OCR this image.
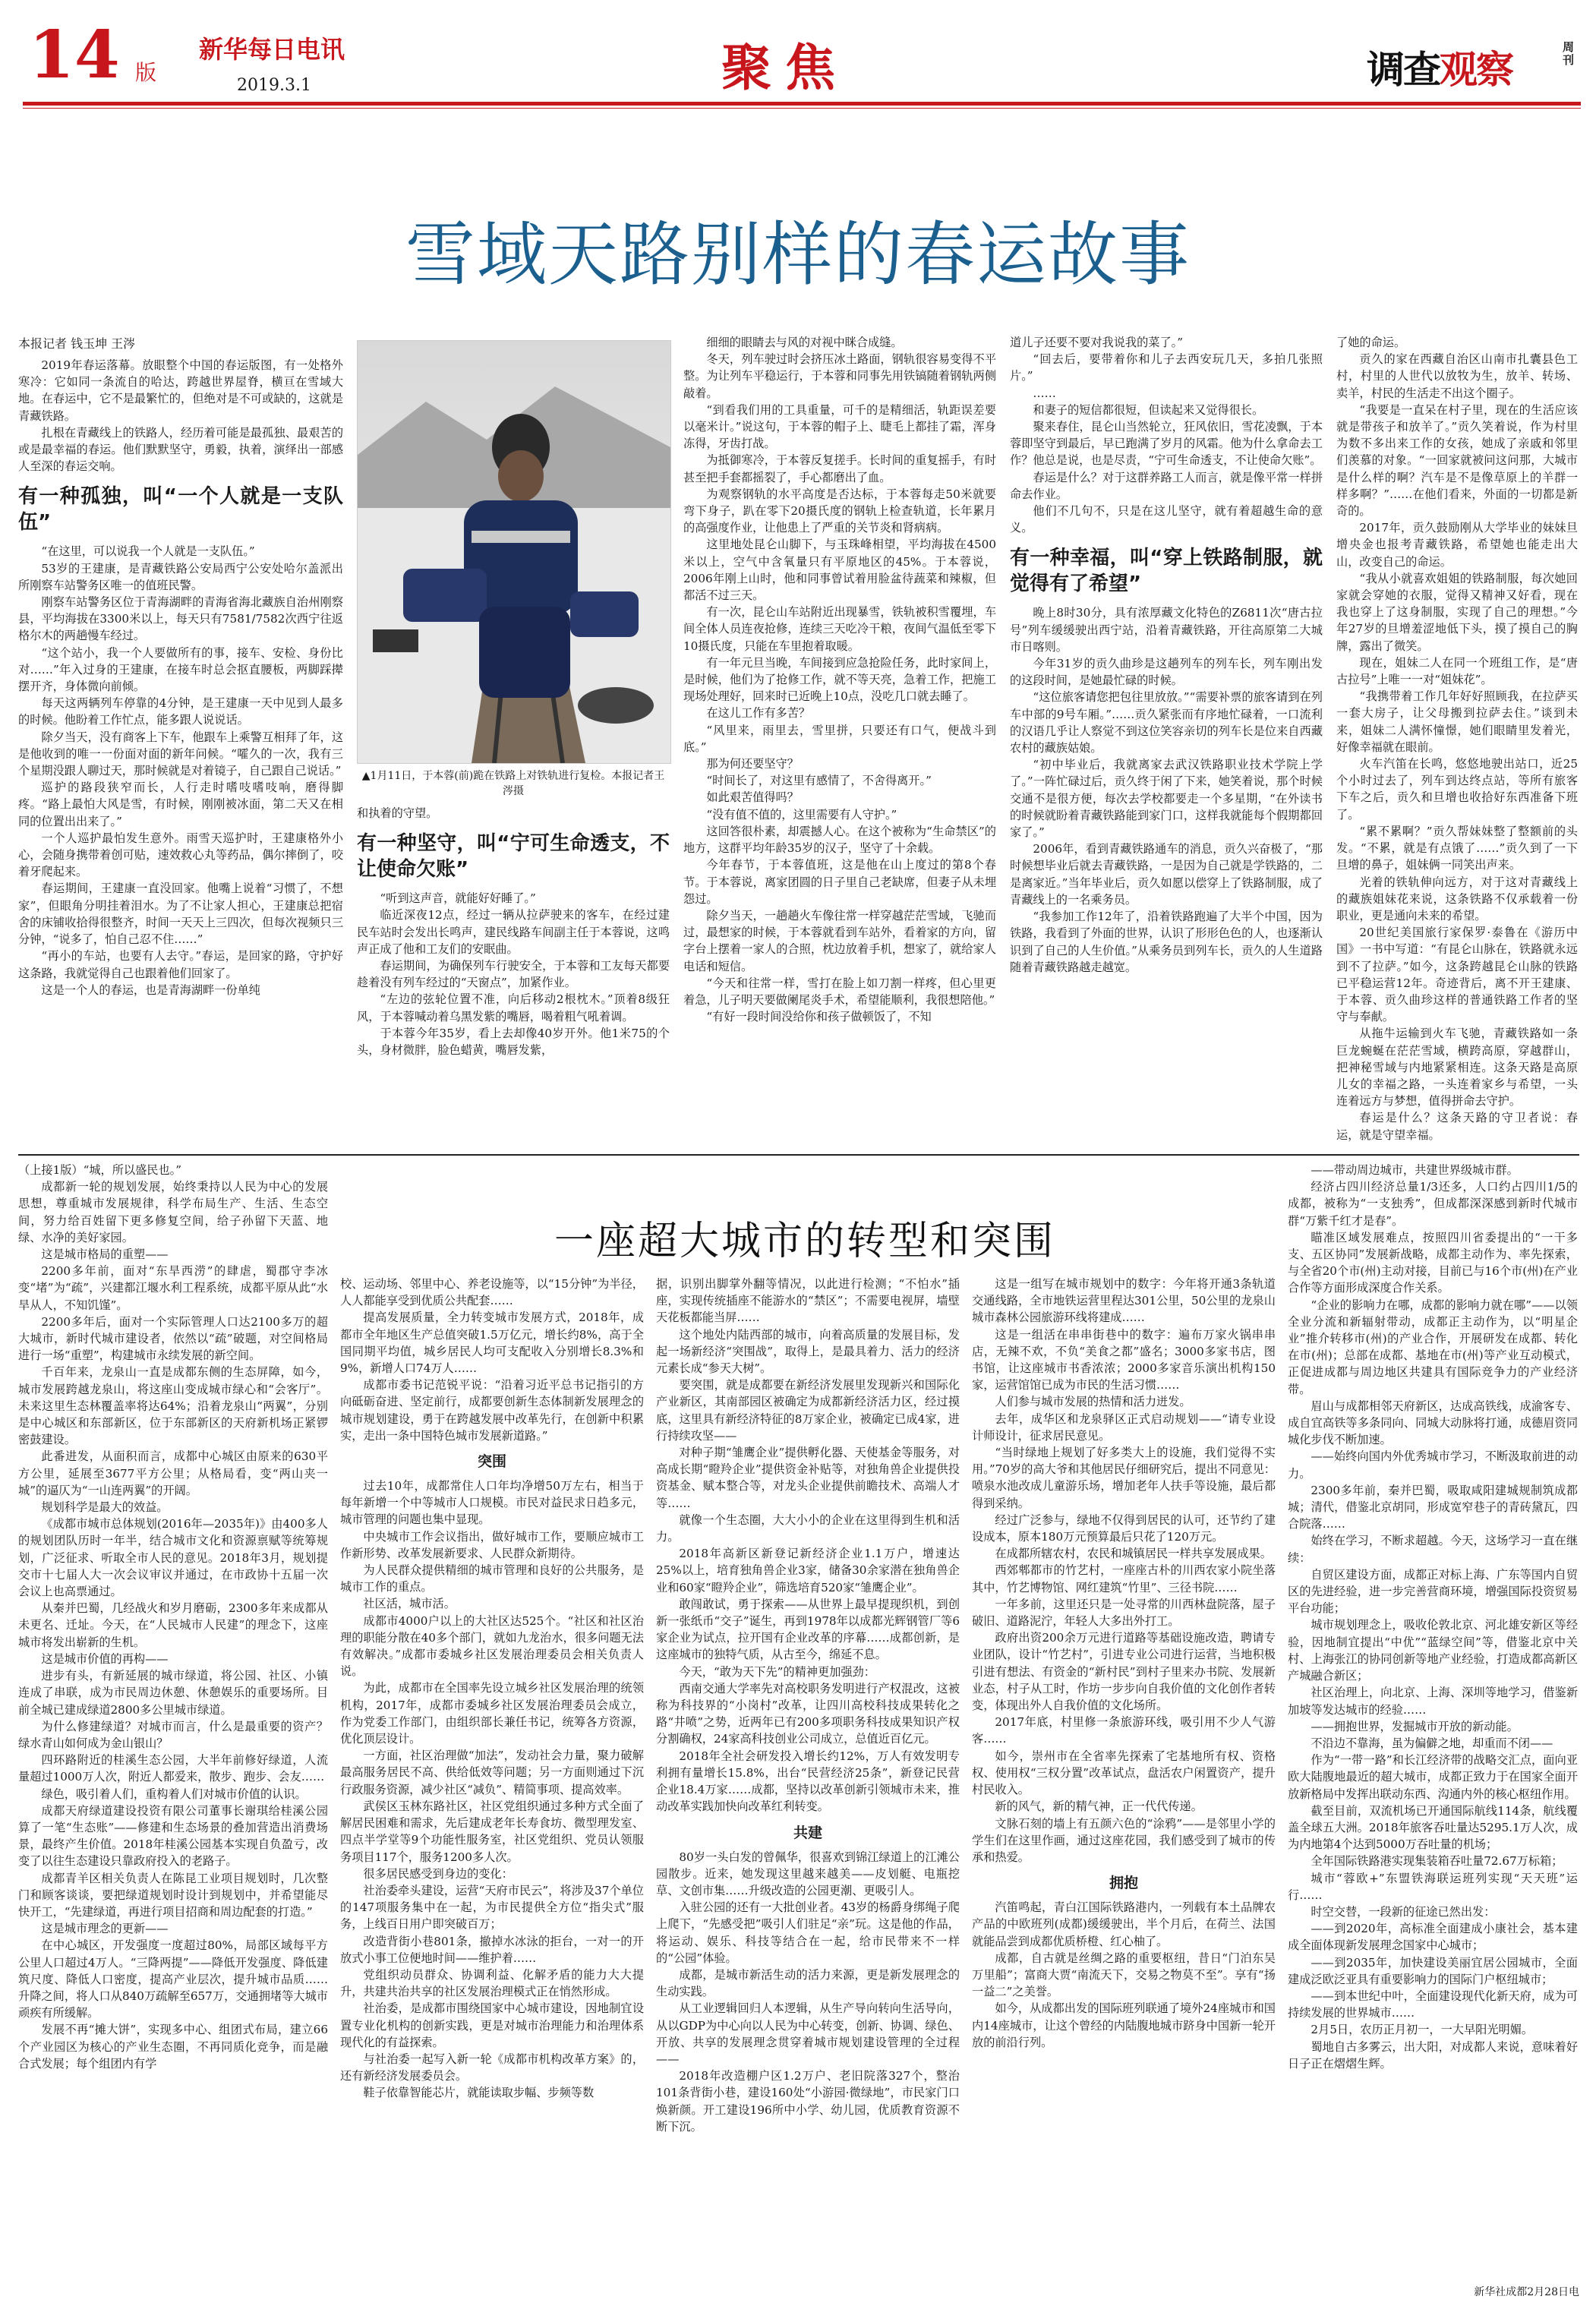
14 版
新华每日电讯
2019.3.1	聚焦	调查观察
周刊
雪域天路别样的春运故事
本报记者 钱玉坤 王涔

2019年春运落幕。放眼整个中国的春运版图，有一处格外寒冷：它如同一条流自的哈达，跨越世界屋脊，横亘在雪域大地。在春运中，它不是最繁忙的，但绝对是不可或缺的，这就是青藏铁路。

扎根在青藏线上的铁路人，经历着可能是最孤独、最艰苦的或是最幸福的春运。他们默默坚守，勇毅，执着，演绎出一部感人至深的春运交响。

有一种孤独，叫“一个人就是一支队伍”

“在这里，可以说我一个人就是一支队伍。”

53岁的王建康，是青藏铁路公安局西宁公安处哈尔盖派出所刚察车站警务区唯一的值班民警。

刚察车站警务区位于青海湖畔的青海省海北藏族自治州刚察县，平均海拔在3300米以上，每天只有7581/7582次西宁往返格尔木的两趟慢车经过。

“这个站小，我一个人要做所有的事，接车、安检、身份比对……”年入过身的王建康，在接车时总会抠直腰板，两脚踩撵摆开齐，身体微向前倾。

每天这两辆列车停靠的4分钟，是王建康一天中见到人最多的时候。他盼着工作忙点，能多跟人说说话。

除夕当天，没有商客上下车，他跟车上乘警互相拜了年，这是他收到的唯一一份面对面的新年问候。“嚯久的一次，我有三个星期没跟人聊过天，那时候就是对着镜子，自己跟自己说话。”

巡护的路段狭窄而长，人行走时嗜吱嗜吱响，磨得脚疼。“路上最怕大风是雪，有时候，刚刚被冰面，第二天又在相同的位置出出来了。”

一个人巡护最怕发生意外。雨雪天巡护时，王建康格外小心，会随身携带着创可贴，速效救心丸等药品，偶尔摔倒了，咬着牙爬起来。

春运期间，王建康一直没回家。他嘴上说着“习惯了，不想家”，但眼角分明挂着泪水。为了不让家人担心，王建康总把宿舍的床铺收拾得很整齐，时间一天天上三四次，但每次视频只三分钟，“说多了，怕自己忍不住……”

“再小的车站，也要有人去守。”春运，是回家的路，守护好这条路，我就觉得自己也跟着他们回家了。

这是一个人的春运，也是青海湖畔一份单纯

▲1月11日，于本蓉(前)跪在铁路上对铁轨进行复检。本报记者王涔摄

和执着的守望。

有一种坚守，叫“宁可生命透支，不让使命欠账”

“听到这声音，就能好好睡了。”

临近深夜12点，经过一辆从拉萨驶来的客车，在经过建民车站时会发出长鸣声，建民线路车间副主任于本蓉说，这鸣声正成了他和工友们的安眠曲。

春运期间，为确保列车行驶安全，于本蓉和工友每天都要趁着没有列车经过的“天窗点”，加紧作业。

“左边的弦轮位置不准，向后移动2根枕木。”顶着8级狂风，于本蓉喊动着乌黑发紫的嘴唇，喝着粗气吼着调。

于本蓉今年35岁，看上去却像40岁开外。他1米75的个头，身材微胖，脸色蜡黄，嘴唇发紫，

细细的眼睛去与风的对视中眯合成缝。

冬天，列车驶过时会挤压冰土路面，钢轨很容易变得不平整。为让列车平稳运行，于本蓉和同事先用铁镐随着钢轨两侧敲着。

“到看我们用的工具重量，可千的是精细活，轨距误差要以毫米计。”说这句，于本蓉的帽子上、睫毛上都挂了霜，浑身冻得，牙齿打战。

为抵御寒冷，于本蓉反复搓手。长时间的重复摇手，有时甚至把手套都摇裂了，手心都磨出了血。

为观察钢轨的水平高度是否达标，于本蓉每走50米就要弯下身子，趴在零下20摄氏度的钢轨上检查轨道，长年累月的高强度作业，让他患上了严重的关节炎和肾病病。

这里地处昆仑山脚下，与玉珠峰相望，平均海拔在4500米以上，空气中含氧量只有平原地区的45%。于本蓉说，2006年刚上山时，他和同事曾试着用脸盆待蔬菜和辣椒，但都活不过三天。

有一次，昆仑山车站附近出现暴雪，铁轨被积雪覆埋，车间全体人员连夜抢修，连续三天吃冷干粮，夜间气温低至零下10摄氏度，只能在车里抱着取暖。

有一年元旦当晚，车间接到应急抢险任务，此时家间上，是时候，他们为了抢修工作，就不等天亮，急着工作，把施工现场处理好，回来时已近晚上10点，没吃几口就去睡了。

在这儿工作有多苦？

“风里来，雨里去，雪里拼，只要还有口气，便战斗到底。”

那为何还要坚守？

“时间长了，对这里有感情了，不舍得离开。”

如此艰苦值得吗？

“没有值不值的，这里需要有人守护。”

这回答很朴素，却震撼人心。在这个被称为“生命禁区”的地方，这群平均年龄35岁的汉子，坚守了十余载。

今年春节，于本蓉值班，这是他在山上度过的第8个春节。于本蓉说，离家团圆的日子里自己老缺席，但妻子从未埋怨过。

除夕当天，一趟趟火车像往常一样穿越茫茫雪域，飞驰而过，最想家的时候，于本蓉就看到车站外，看着家的方向，留字台上摆着一家人的合照，枕边放着手机，想家了，就给家人电话和短信。

“今天和往常一样，雪打在脸上如刀割一样疼，但心里更着急，儿子明天要做阑尾炎手术，希望能顺利，我很想陪他。”

“有好一段时间没给你和孩子做顿饭了，不知

道儿子还要不要对我说我的菜了。”

“回去后，要带着你和儿子去西安玩几天，多拍几张照片。”

……

和妻子的短信都很短，但读起来又觉得很长。

聚来春住，昆仑山当然轮立，狂风依旧，雪花凌飘，于本蓉即坚守到最后，早已跑满了岁月的风霜。他为什么拿命去工作？他总是说，也是尽责，“宁可生命透支，不让使命欠账”。

春运是什么？对于这群养路工人而言，就是像平常一样拼命去作业。

他们不几句不，只是在这儿坚守，就有着超越生命的意义。

有一种幸福，叫“穿上铁路制服，就觉得有了希望”

晚上8时30分，具有浓厚藏文化特色的Z6811次“唐古拉号”列车缓缓驶出西宁站，沿着青藏铁路，开往高原第二大城市日喀则。

今年31岁的贡久曲珍是这趟列车的列车长，列车刚出发的这段时间，是她最忙碌的时候。

“这位旅客请您把包往里放放。”“需要补票的旅客请到在列车中部的9号车厢。”……贡久紧张而有序地忙碌着，一口流利的汉语几乎让人察觉不到这位笑容亲切的列车长是位来自西藏农村的藏族姑娘。

“初中毕业后，我就离家去武汉铁路职业技术学院上学了。”一阵忙碌过后，贡久终于闲了下来，她笑着说，那个时候交通不是很方便，每次去学校都要走一个多星期，“在外读书的时候就盼着青藏铁路能到家门口，这样我就能每个假期都回家了。”

2006年，看到青藏铁路通车的消息，贡久兴奋极了，“那时候想毕业后就去青藏铁路，一是因为自己就是学铁路的，二是离家近。”当年毕业后，贡久如愿以偿穿上了铁路制服，成了青藏线上的一名乘务员。

“我参加工作12年了，沿着铁路跑遍了大半个中国，因为铁路，我看到了外面的世界，认识了形形色色的人，也逐渐认识到了自己的人生价值。”从乘务员到列车长，贡久的人生道路随着青藏铁路越走越宽。

了她的命运。

贡久的家在西藏自治区山南市扎囊县色工村，村里的人世代以放牧为生，放羊、转场、卖羊，村民的生活走不出这个圈子。

“我要是一直呆在村子里，现在的生活应该就是带孩子和放羊了。”贡久笑着说，作为村里为数不多出来工作的女孩，她成了亲戚和邻里们羡慕的对象。“一回家就被问这问那，大城市是什么样的啊？汽车是不是像草原上的羊群一样多啊？”……在他们看来，外面的一切都是新奇的。

2017年，贡久鼓励刚从大学毕业的妹妹旦增央金也报考青藏铁路，希望她也能走出大山，改变自己的命运。

“我从小就喜欢姐姐的铁路制服，每次她回家就会穿她的衣服，觉得又精神又好看，现在我也穿上了这身制服，实现了自己的理想。”今年27岁的旦增羞涩地低下头，摸了摸自己的胸牌，露出了微笑。

现在，姐妹二人在同一个班组工作，是“唐古拉号”上唯一一对“姐妹花”。

“我携带着工作几年好好照顾我，在拉萨买一套大房子，让父母搬到拉萨去住。”谈到未来，姐妹二人满怀憧憬，她们眼睛里发着光，好像幸福就在眼前。

火车汽笛在长鸣，悠悠地驶出站口，近25个小时过去了，列车到达终点站，等所有旅客下车之后，贡久和旦增也收拾好东西准备下班了。

“累不累啊？”贡久帮妹妹整了整额前的头发。“不累，就是有点饿了……”贡久到了一下旦增的鼻子，姐妹俩一同笑出声来。

光着的铁轨伸向远方，对于这对青藏线上的藏族姐妹花来说，这条铁路不仅承载着一份职业，更是通向未来的希望。

20世纪美国旅行家保罗·泰鲁在《游历中国》一书中写道：“有昆仑山脉在，铁路就永远到不了拉萨。”如今，这条跨越昆仑山脉的铁路已平稳运营12年。奇迹背后，离不开王建康、于本蓉、贡久曲珍这样的普通铁路工作者的坚守与奉献。

从拖牛运输到火车飞驰，青藏铁路如一条巨龙蜿蜒在茫茫雪域，横跨高原，穿越群山，把神秘雪域与内地紧紧相连。这条天路是高原儿女的幸福之路，一头连着家乡与希望，一头连着远方与梦想，值得拼命去守护。

春运是什么？这条天路的守卫者说：春运，就是守望幸福。

一座超大城市的转型和突围

（上接1版）“城，所以盛民也。”

成都新一轮的规划发展，始终秉持以人民为中心的发展思想，尊重城市发展规律，科学布局生产、生活、生态空间，努力给百姓留下更多修复空间，给子孙留下天蓝、地绿、水净的美好家园。

这是城市格局的重塑——

2200多年前，面对“东旱西涝”的肆虐，蜀郡守李冰变“堵”为“疏”，兴建都江堰水利工程系统，成都平原从此“水旱从人，不知饥馑”。

2200多年后，面对一个实际管理人口达2100多万的超大城市，新时代城市建设者，依然以“疏”破题，对空间格局进行一场“重塑”，构建城市永续发展的新空间。

千百年来，龙泉山一直是成都东侧的生态屏障，如今，城市发展跨越龙泉山，将这座山变成城市绿心和“会客厅”。未来这里生态林覆盖率将达64%；沿着龙泉山“两翼”，分别是中心城区和东部新区，位于东部新区的天府新机场正紧锣密鼓建设。

此番进发，从面积而言，成都中心城区由原来的630平方公里，延展至3677平方公里；从格局看，变“两山夹一城”的逼仄为“一山连两翼”的开阔。

规划科学是最大的效益。

《成都市城市总体规划(2016年—2035年)》由400多人的规划团队历时一年半，结合城市文化和资源禀赋等统筹规划，广泛征求、听取全市人民的意见。2018年3月，规划提交市十七届人大一次会议审议并通过，在市政协十五届一次会议上也高票通过。

从秦并巴蜀，几经战火和岁月磨砺，2300多年来成都从未更名、迁址。今天，在“人民城市人民建”的理念下，这座城市将发出崭新的生机。

这是城市价值的再构——

进步有头，有新延展的城市绿道，将公园、社区、小镇连成了串联，成为市民周边休憩、休憩娱乐的重要场所。目前全城已建成绿道2800多公里城市绿道。

为什么修建绿道？对城市而言，什么是最重要的资产？绿水青山如何成为金山银山？

四环路附近的桂溪生态公园，大半年前修好绿道，人流量超过1000万人次，附近人都爱来，散步、跑步、会友……

绿色，吸引着人们，重构着人们对城市价值的认识。

成都天府绿道建设投资有限公司董事长谢琪给桂溪公园算了一笔“生态账”——修建和生态场景的叠加营造出消费场景，最终产生价值。2018年桂溪公园基本实现自负盈亏，改变了以往生态建设只靠政府投入的老路子。

成都青羊区相关负责人在陈昆工业项目规划时，几次整门和顾客谈谈，要把绿道规划时设计到规划中，并希望能尽快开工，“先建绿道，再进行项目招商和周边配套的打造。”

这是城市理念的更新——

在中心城区，开发强度一度超过80%，局部区域每平方公里人口超过4万人。“三降两提”——降低开发强度、降低建筑尺度、降低人口密度，提高产业层次，提升城市品质……升降之间，将人口从840万疏解至657万，交通拥堵等大城市顽疾有所缓解。

发展不再“摊大饼”，实现多中心、组团式布局，建立66个产业园区为核心的产业生态圈，不再同质化竞争，而是融合式发展；每个组团内有学

校、运动场、邻里中心、养老设施等，以“15分钟”为半径，人人都能享受到优质公共配套……

提高发展质量，全力转变城市发展方式，2018年，成都市全年地区生产总值突破1.5万亿元，增长约8%，高于全国同期平均值，城乡居民人均可支配收入分别增长8.3%和9%，新增人口74万人……

成都市委书记范锐平说：“沿着习近平总书记指引的方向砥砺奋进、坚定前行，成都要创新生态体制新发展理念的城市规划建设，勇于在跨越发展中改革先行，在创新中积累实，走出一条中国特色城市发展新道路。”

突围

过去10年，成都常住人口年均净增50万左右，相当于每年新增一个中等城市人口规模。市民对益民求日趋多元，城市管理的问题也集中显现。

中央城市工作会议指出，做好城市工作，要顺应城市工作新形势、改革发展新要求、人民群众新期待。

为人民群众提供精细的城市管理和良好的公共服务，是城市工作的重点。

社区活，城市活。

成都市4000户以上的大社区达525个。“社区和社区治理的职能分散在40多个部门，就如九龙治水，很多问题无法有效解决。”成都市委城乡社区发展治理委员会相关负责人说。

为此，成都市在全国率先设立城乡社区发展治理的统领机构，2017年，成都市委城乡社区发展治理委员会成立，作为党委工作部门，由组织部长兼任书记，统筹各方资源，优化顶层设计。

一方面，社区治理做“加法”，发动社会力量，聚力破解最高服务居民不高、供给低效等问题；另一方面则通过下沉行政服务资源，减少社区“减负”、精简事项、提高效率。

武侯区玉林东路社区，社区党组织通过多种方式全面了解居民困难和需求，先后建成老年长寿食坊、微型理发室、四点半学堂等9个功能性服务室，社区党组织、党员认领服务项目117个，服务1200多人次。

很多居民感受到身边的变化：

社治委牵头建设，运营“天府市民云”，将涉及37个单位的147项服务集中在一起，为市民提供全方位“指尖式”服务，上线百日用户即突破百万；

改造背街小巷801条，撤掉水冰泳的拒台，一对一的开放式小事工位便地时间——维护着……

党组织动员群众、协调利益、化解矛盾的能力大大提升，共建共治共享的社区发展治理模式正在悄然形成。

社治委，是成都市围绕国家中心城市建设，因地制宜设置专业化机构的创新实践，更是对城市治理能力和治理体系现代化的有益探索。

与社治委一起写入新一轮《成都市机构改革方案》的，还有新经济发展委员会。

鞋子依靠智能芯片，就能读取步幅、步频等数

据，识别出脚掌外翻等情况，以此进行检测；“不怕水”插座，实现传统插座不能游水的“禁区”；不需要电视屏，墙壁天花板都能当屏……

这个地处内陆西部的城市，向着高质量的发展目标，发起一场新经济“突围战”，取得上，是最具着力、活力的经济元素长成“参天大树”。

要突围，就是成都要在新经济发展里发现新兴和国际化产业新区，其南部园区被确定为成都新经济活力区，经过摸底，这里具有新经济特征的8万家企业，被确定已成4家，进行持续攻坚——

对种子期“雏鹰企业”提供孵化器、天使基金等服务，对高成长期“瞪羚企业”提供资金补贴等，对独角兽企业提供投资基金、赋本整合等，对龙头企业提供前瞻技术、高端人才等……

就像一个生态圈，大大小小的企业在这里得到生机和活力。

2018年高新区新登记新经济企业1.1万户，增速达25%以上，培育独角兽企业3家，储备30余家潜在独角兽企业和60家“瞪羚企业”，筛选培育520家“雏鹰企业”。

敢闯敢试，勇于探索——从世界上最早提现织机，到创新一张纸币“交子”诞生，再到1978年以成都光辉钢管厂等6家企业为试点，拉开国有企业改革的序幕……成都创新，是这座城市的独特气质，从古至今，绵延不息。

今天，“敢为天下先”的精神更加强劲：

西南交通大学率先对高校职务发明进行产权混改，这被称为科技界的“小岗村”改革，让四川高校科技成果转化之路“井喷”之势，近两年已有200多项职务科技成果知识产权分割确权，24家高科技创业公司成立，总值近百亿元。

2018年全社会研发投入增长约12%，万人有效发明专利拥有量增长15.8%，出台“民营经济25条”，新登记民营企业18.4万家……成都，坚持以改革创新引领城市未来，推动改革实践加快向改革红利转变。

共建

80岁一头白发的曾佩华，很喜欢到锦江绿道上的江滩公园散步。近来，她发现这里越来越美——皮划艇、电瓶挖草、文创市集……升级改造的公园更潮、更吸引人。

入驻公园的还有一大批创业者。43岁的杨爵身绑绳子爬上爬下，“先感受把”吸引人们驻足“亲”玩。这是他的作品，将运动、娱乐、科技等结合在一起，给市民带来不一样的“公园”体验。

成都，是城市新活生动的活力来源，更是新发展理念的生动实践。

从工业逻辑回归人本逻辑，从生产导向转向生活导向，从以GDP为中心向以人民为中心转变，创新、协调、绿色、开放、共享的发展理念贯穿着城市规划建设管理的全过程——

2018年改造棚户区1.2万户、老旧院落327个，整治101条背街小巷，建设160处“小游园·微绿地”，市民家门口焕新颜。开工建设196所中小学、幼儿园，优质教育资源不断下沉。

这是一组写在城市规划中的数字：今年将开通3条轨道交通线路，全市地铁运营里程达301公里，50公里的龙泉山城市森林公园旅游环线将建成……

这是一组活在串串街巷中的数字：遍布万家火锅串串店，无辣不欢，不负“美食之都”盛名；3000多家书店，图书馆，让这座城市书香浓浓；2000多家音乐演出机构150家，运营馆馆已成为市民的生活习惯……

人们参与城市发展的热情和活力迸发。

去年，成华区和龙泉驿区正式启动规划——“请专业设计师设计，征求居民意见。

“当时绿地上规划了好多类大上的设施，我们觉得不实用。”70岁的高大爷和其他居民仔细研究后，提出不同意见：喷泉水池改成儿童游乐场，增加老年人扶手等设施，最后都得到采纳。

经过广泛参与，绿地不仅得到居民的认可，还节约了建设成本，原本180万元预算最后只花了120万元。

在成都所辖农村，农民和城镇居民一样共享发展成果。

西郊郫都市的竹艺村，一座座古朴的川西农家小院坐落其中，竹艺博物馆、网红建筑“竹里”、三径书院……

一年多前，这里还只是一处寻常的川西林盘院落，屋子破旧、道路泥泞，年轻人大多出外打工。

政府出资200余万元进行道路等基础设施改造，聘请专业团队，设计“竹艺村”，引进专业公司进行运营，当地积极引进有想法、有资金的“新村民”到村子里来办书院、发展新业态，村子从工时，作坊一步步向自我价值的文化创作者转变，体现出外人自我价值的文化场所。

2017年底，村里修一条旅游环线，吸引用不少人气游客……

如今，崇州市在全省率先探索了宅基地所有权、资格权、使用权“三权分置”改革试点，盘活农户闲置资产，提升村民收入。

新的风气，新的精气神，正一代代传递。

文脉石刻的墙上有五颜六色的“涂鸦”——是邻里小学的学生们在这里作画，通过这座花园，我们感受到了城市的传承和热爱。

拥抱

汽笛鸣起，青白江国际铁路港内，一列载有本土品牌农产品的中欧班列(成都)缓缓驶出，半个月后，在荷兰、法国就能品尝到成都优质桥橙、红心柚了。

成都，自古就是丝绸之路的重要枢纽，昔日“门泊东吴万里船”；富商大贾“南流天下，交易之物莫不至”。享有“扬一益二”之美誉。

如今，从成都出发的国际班列联通了境外24座城市和国内14座城市，让这个曾经的内陆腹地城市跻身中国新一轮开放的前沿行列。

——带动周边城市，共建世界级城市群。

经济占四川经济总量1/3还多，人口约占四川1/5的成都，被称为“一支独秀”，但成都深深感到新时代城市群“万紫千红才是春”。

瞄准区域发展难点，按照四川省委提出的“一干多支、五区协同”发展新战略，成都主动作为、率先探索，与全省20个市(州)主动对接，目前已与16个市(州)在产业合作等方面形成深度合作关系。

“企业的影响力在哪，成都的影响力就在哪”——以领全业分流和新辐射带动，成都正主动作为，以“明星企业”推介转移市(州)的产业合作，开展研发在成都、转化在市(州)；总部在成都、基地在市(州)等产业互动模式，正促进成都与周边地区共建具有国际竞争力的产业经济带。

眉山与成都相邻天府新区，达成高铁线，成渝客专、成自宜高铁等多条同向、同城大动脉将打通，成德眉资同城化步伐不断加速。

——始终向国内外优秀城市学习，不断汲取前进的动力。

2300多年前，秦并巴蜀，吸取咸阳建城规制筑成都城；清代，借鉴北京胡同，形成宽窄巷子的青砖黛瓦，四合院落……

始终在学习，不断求超越。今天，这场学习一直在继续：

自贸区建设方面，成都正对标上海、广东等国内自贸区的先进经验，进一步完善营商环境，增强国际投资贸易平台功能；

城市规划理念上，吸收伦敦北京、河北雄安新区等经验，因地制宜提出“中优”“蓝绿空间”等，借鉴北京中关村、上海张江的协同创新等地产业经验，打造成都高新区产城融合新区；

社区治理上，向北京、上海、深圳等地学习，借鉴新加坡等发达城市的经验……

——拥抱世界，发掘城市开放的新动能。

不沿边不靠海，虽为偏僻之地，却重而不闭——

作为“一带一路”和长江经济带的战略交汇点，面向亚欧大陆腹地最近的超大城市，成都正致力于在国家全面开放新格局中发挥出联动东西、沟通内外的核心枢纽作用。

截至目前，双流机场已开通国际航线114条，航线覆盖全球五大洲。2018年旅客吞吐量达5295.1万人次，成为内地第4个达到5000万吞吐量的机场；

全年国际铁路港实现集装箱吞吐量72.67万标箱；

城市“蓉欧+”东盟铁海联运班列实现“天天班”运行……

时空交替，一段新的征途已然出发：

——到2020年，高标准全面建成小康社会，基本建成全面体现新发展理念国家中心城市；

——到2035年，加快建设美丽宜居公园城市，全面建成泛欧泛亚具有重要影响力的国际门户枢纽城市；

——到本世纪中叶，全面建设现代化新天府，成为可持续发展的世界城市……

2月5日，农历正月初一，一大早阳光明媚。

蜀地自古多雾云，出大阳，对成都人来说，意味着好日子正在熠熠生辉。

新华社成都2月28日电
